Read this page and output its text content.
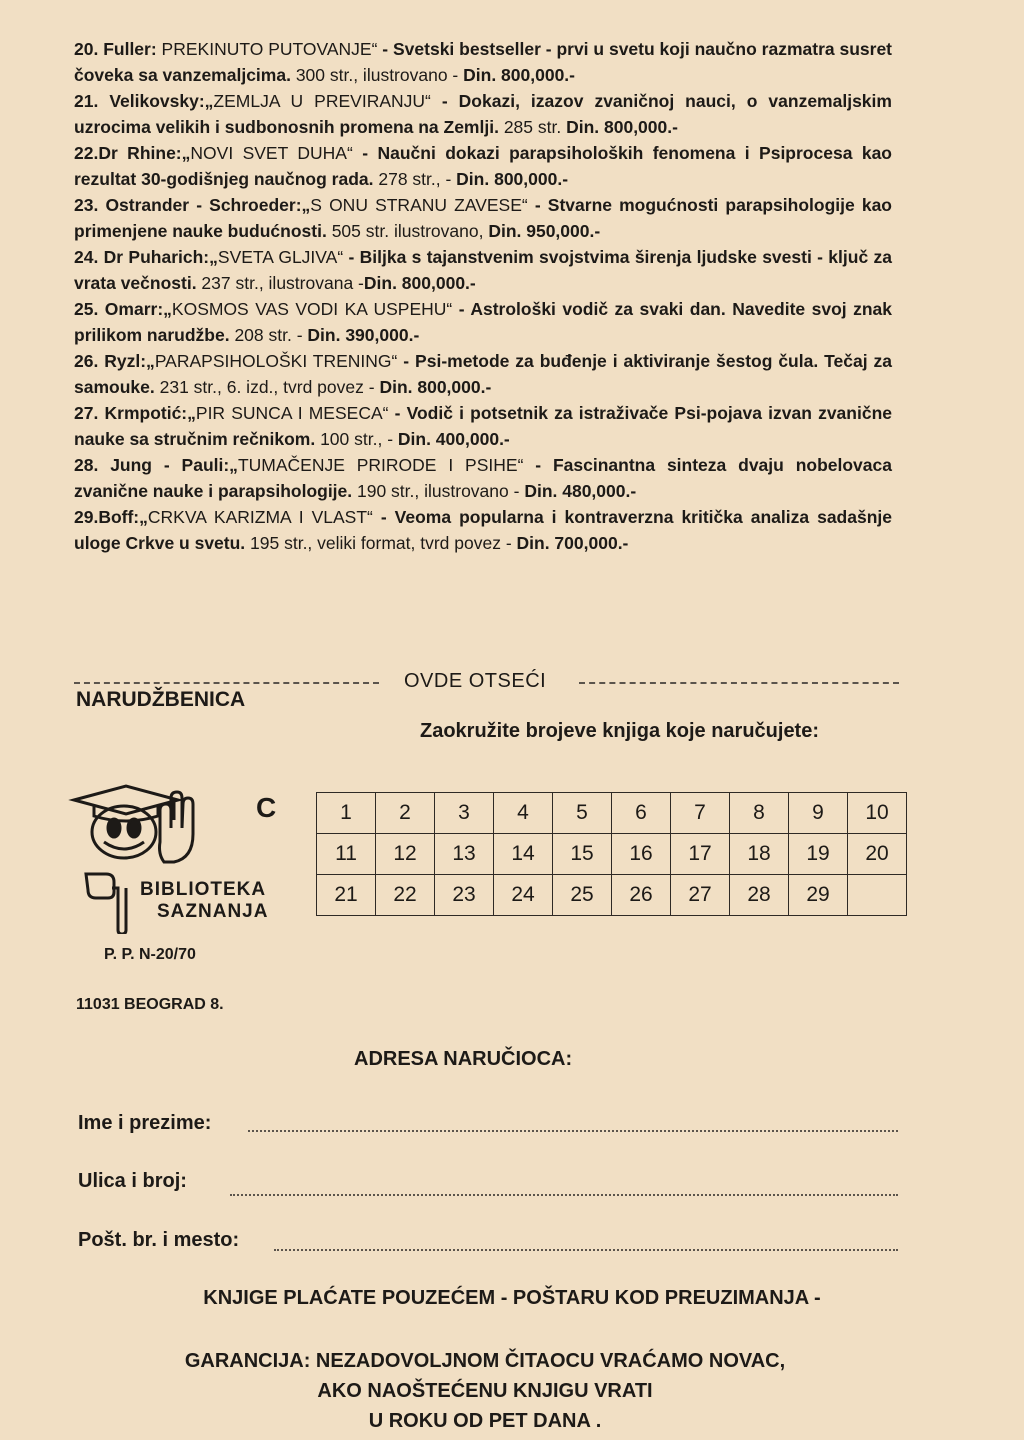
20. Fuller: PREKINUTO PUTOVANJE“ - Svetski bestseller - prvi u svetu koji naučno razmatra susret čoveka sa vanzemaljcima. 300 str., ilustrovano - Din. 800,000.-

21. Velikovsky:„ZEMLJA U PREVIRANJU“ - Dokazi, izazov zvaničnoj nauci, o vanzemaljskim uzrocima velikih i sudbonosnih promena na Zemlji. 285 str. Din. 800,000.-

22.Dr Rhine:„NOVI SVET DUHA“ - Naučni dokazi parapsiholoških fenomena i Psiprocesa kao rezultat 30-godišnjeg naučnog rada. 278 str., - Din. 800,000.-

23. Ostrander - Schroeder:„S ONU STRANU ZAVESE“ - Stvarne mogućnosti parapsihologije kao primenjene nauke budućnosti. 505 str. ilustrovano, Din. 950,000.-

24. Dr Puharich:„SVETA GLJIVA“ - Biljka s tajanstvenim svojstvima širenja ljudske svesti - ključ za vrata večnosti. 237 str., ilustrovana -Din. 800,000.-

25. Omarr:„KOSMOS VAS VODI KA USPEHU“ - Astrološki vodič za svaki dan. Navedite svoj znak prilikom narudžbe. 208 str. - Din. 390,000.-

26. Ryzl:„PARAPSIHOLOŠKI TRENING“ - Psi-metode za buđenje i aktiviranje šestog čula. Tečaj za samouke. 231 str., 6. izd., tvrd povez - Din. 800,000.-

27. Krmpotić:„PIR SUNCA I MESECA“ - Vodič i potsetnik za istraživače Psi-pojava izvan zvanične nauke sa stručnim rečnikom. 100 str., - Din. 400,000.-

28. Jung - Pauli:„TUMAČENJE PRIRODE I PSIHE“ - Fascinantna sinteza dvaju nobelovaca zvanične nauke i parapsihologije. 190 str., ilustrovano - Din. 480,000.-

29.Boff:„CRKVA KARIZMA I VLAST“ - Veoma popularna i kontraverzna kritička analiza sadašnje uloge Crkve u svetu. 195 str., veliki format, tvrd povez - Din. 700,000.-

OVDE OTSEĆI
NARUDŽBENICA
Zaokružite brojeve knjiga koje naručujete:
C
BIBLIOTEKA
SAZNANJA
1	2	3	4	5	6	7	8	9	10
11	12	13	14	15	16	17	18	19	20
21	22	23	24	25	26	27	28	29	
P. P. N-20/70
11031 BEOGRAD 8.
ADRESA NARUČIOCA:
Ime i prezime:
Ulica i broj:
Pošt. br. i mesto:
KNJIGE PLAĆATE POUZEĆEM - POŠTARU KOD PREUZIMANJA -
GARANCIJA: NEZADOVOLJNOM ČITAOCU VRAĆAMO NOVAC,
AKO NAOŠTEĆENU KNJIGU VRATI
U ROKU OD PET DANA .
